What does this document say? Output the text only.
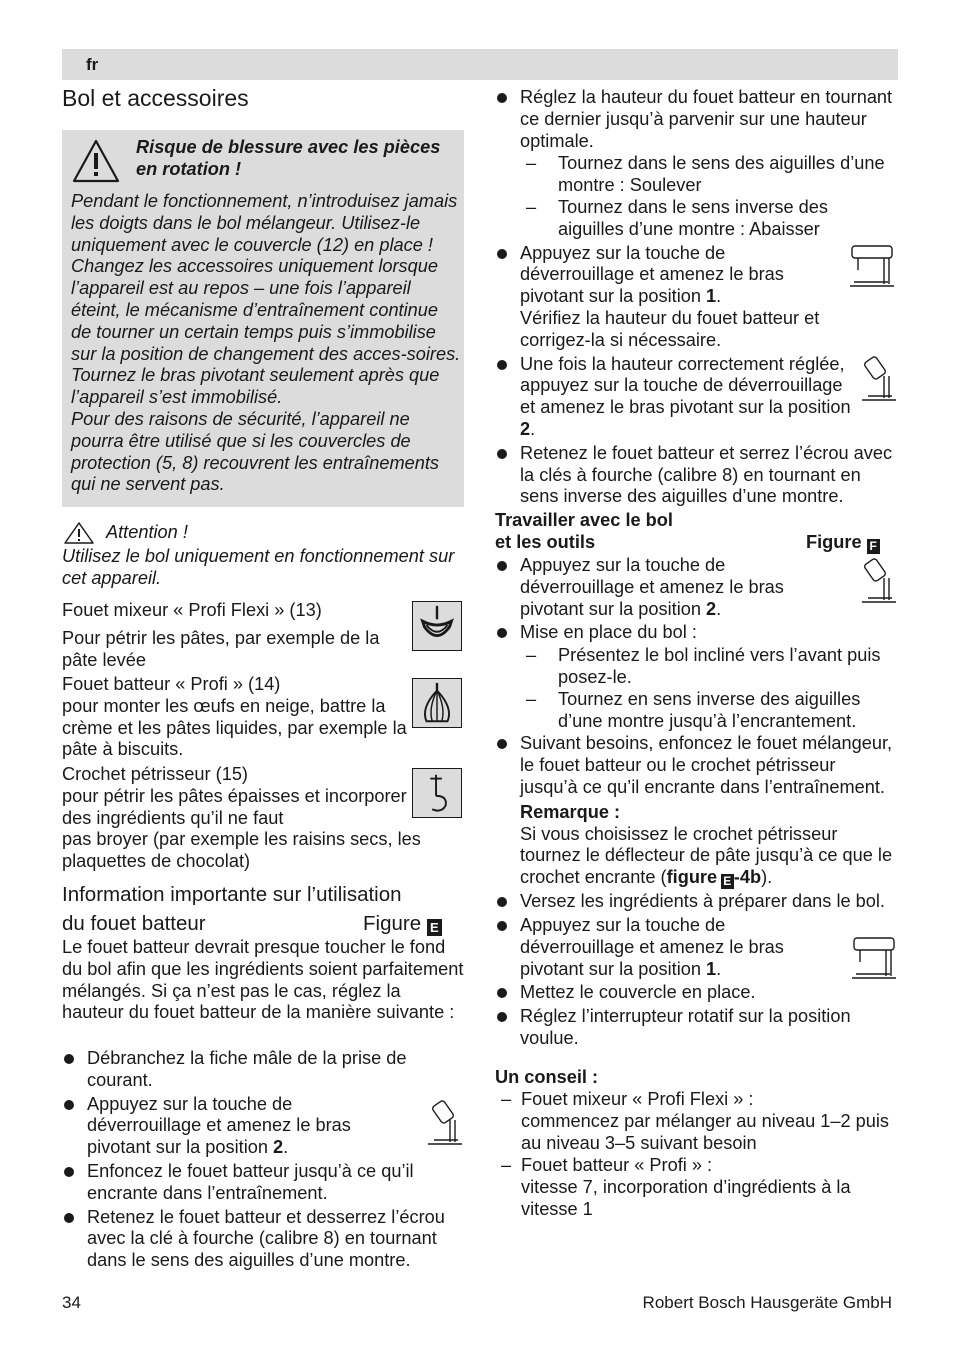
fr
Bol et accessoires
Risque de blessure avec les pièces en rotation !

Pendant le fonctionnement, n’introduisez jamais les doigts dans le bol mélangeur. Utilisez-le uniquement avec le couvercle (12) en place !

Changez les accessoires uniquement lorsque l’appareil est au repos – une fois l’appareil éteint, le mécanisme d’entraînement continue de tourner un certain temps puis s’immobilise sur la position de changement des acces-soires. Tournez le bras pivotant seulement après que l’appareil s’est immobilisé.

Pour des raisons de sécurité, l’appareil ne pourra être utilisé que si les couvercles de protection (5, 8) recouvrent les entraînements qui ne servent pas.

Attention !
Utilisez le bol uniquement en fonctionnement sur cet appareil.
Fouet mixeur « Profi Flexi » (13)
Pour pétrir les pâtes, par exemple de la pâte levée
Fouet batteur « Profi » (14)
pour monter les œufs en neige, battre la crème et les pâtes liquides, par exemple la pâte à biscuits.
Crochet pétrisseur (15)
pour pétrir les pâtes épaisses et incorporer des ingrédients qu’il ne faut
pas broyer (par exemple les raisins secs, les plaquettes de chocolat)
Information importante sur l’utilisation
du fouet batteur	Figure E
Le fouet batteur devrait presque toucher le fond du bol afin que les ingrédients soient parfaitement mélangés. Si ça n’est pas le cas, réglez la hauteur du fouet batteur de la manière suivante :
Débranchez la fiche mâle de la prise de courant.
Appuyez sur la touche de déverrouillage et amenez le bras pivotant sur la position 2.
Enfoncez le fouet batteur jusqu’à ce qu’il encrante dans l’entraînement.
Retenez le fouet batteur et desserrez l’écrou avec la clé à fourche (calibre 8) en tournant dans le sens des aiguilles d’une montre.
34
Réglez la hauteur du fouet batteur en tournant ce dernier jusqu’à parvenir sur une hauteur optimale.
– Tournez dans le sens des aiguilles d’une montre : Soulever
– Tournez dans le sens inverse des aiguilles d’une montre : Abaisser
Appuyez sur la touche de déverrouillage et amenez le bras pivotant sur la position 1.
Vérifiez la hauteur du fouet batteur et corrigez-la si nécessaire.
Une fois la hauteur correctement réglée, appuyez sur la touche de déverrouillage et amenez le bras pivotant sur la position 2.
Retenez le fouet batteur et serrez l’écrou avec la clés à fourche (calibre 8) en tournant en sens inverse des aiguilles d’une montre.
Travailler avec le bol
et les outils	Figure F
Appuyez sur la touche de déverrouillage et amenez le bras pivotant sur la position 2.
Mise en place du bol :
– Présentez le bol incliné vers l’avant puis posez-le.
– Tournez en sens inverse des aiguilles d’une montre jusqu’à l’encrantement.
Suivant besoins, enfoncez le fouet mélangeur, le fouet batteur ou le crochet pétrisseur jusqu’à ce qu’il encrante dans l’entraînement.
Remarque :
Si vous choisissez le crochet pétrisseur tournez le déflecteur de pâte jusqu’à ce que le crochet encrante (figure  E -4b).
Versez les ingrédients à préparer dans le bol.
Appuyez sur la touche de déverrouillage et amenez le bras pivotant sur la position 1.
Mettez le couvercle en place.
Réglez l’interrupteur rotatif sur la position voulue.
Un conseil :
– Fouet mixeur « Profi Flexi » :
commencez par mélanger au niveau 1–2 puis au niveau 3–5 suivant besoin
– Fouet batteur « Profi » :
vitesse 7, incorporation d’ingrédients à la vitesse 1
Robert Bosch Hausgeräte GmbH
